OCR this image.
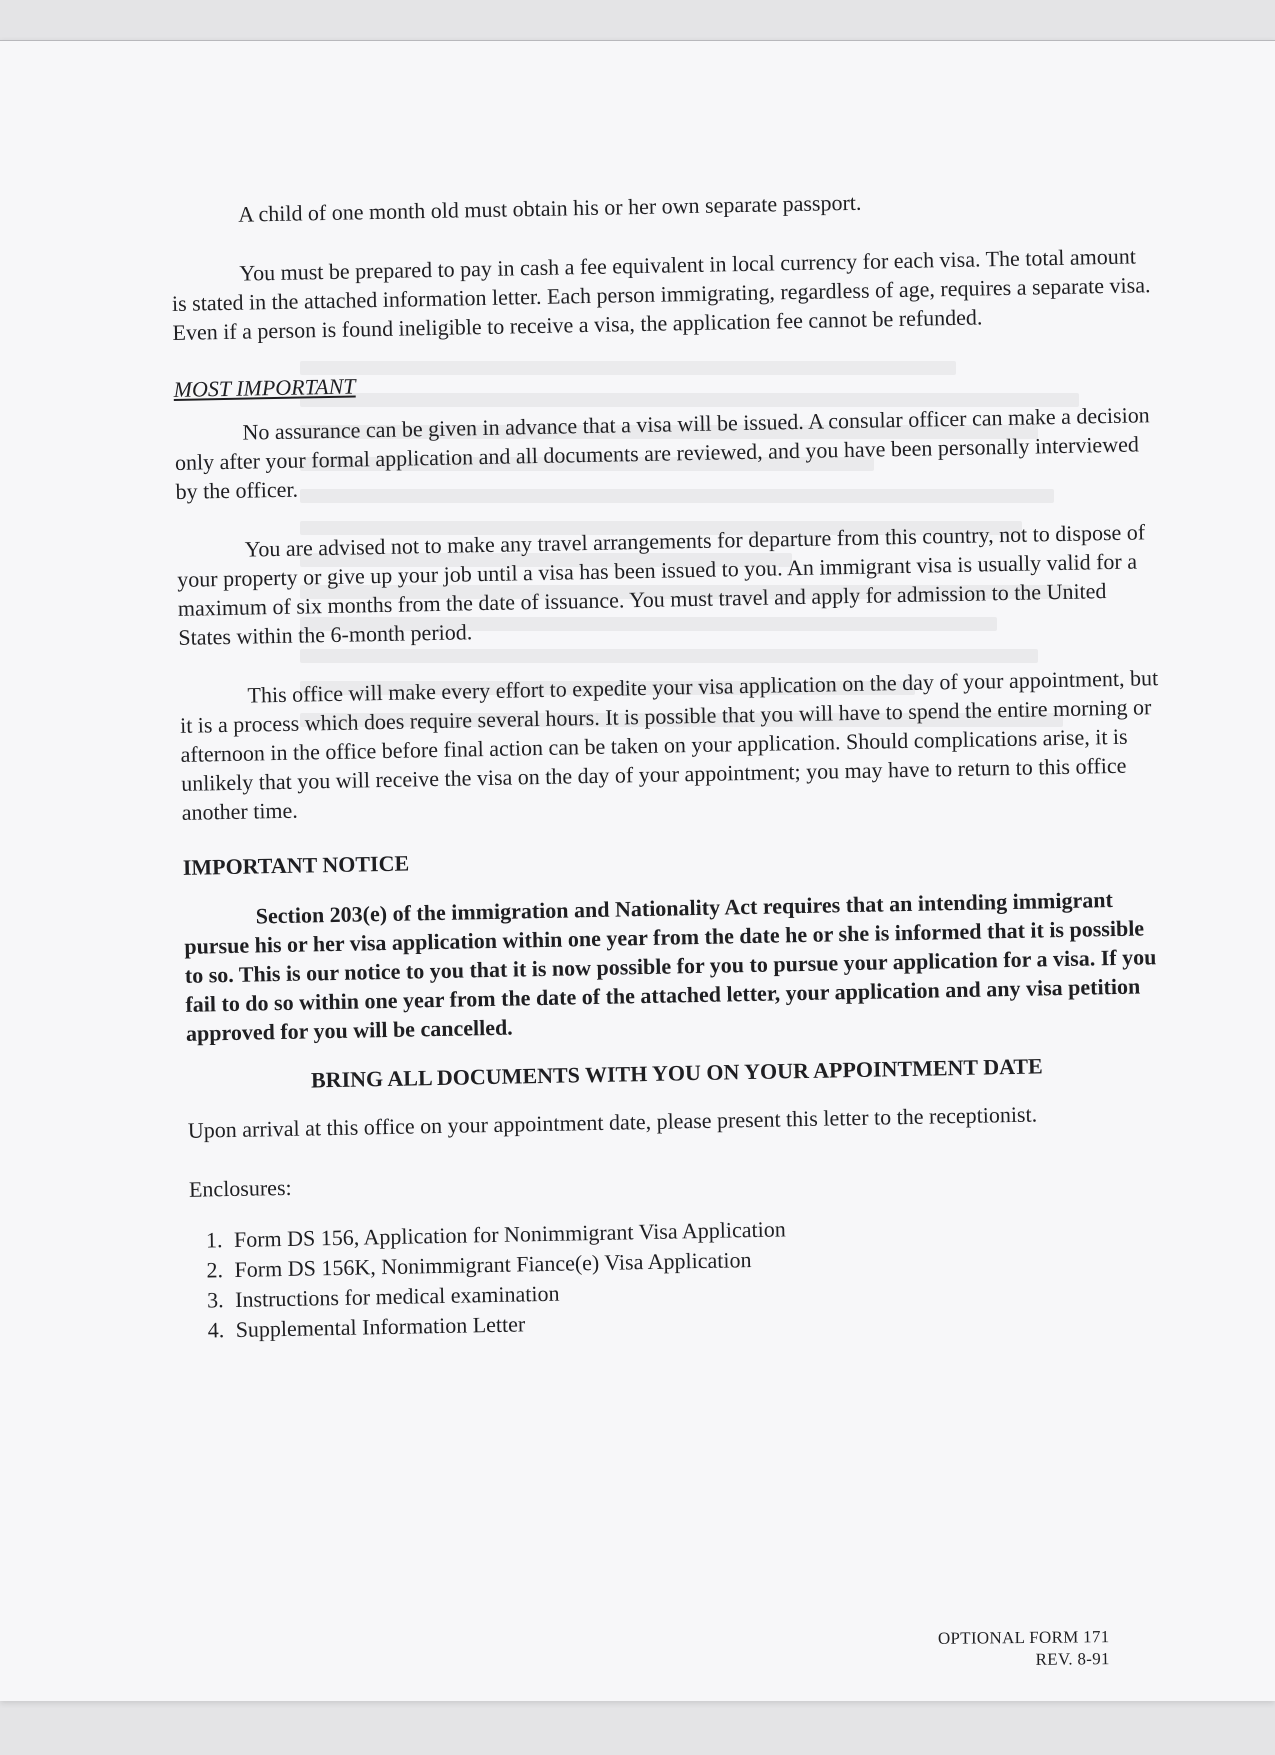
A child of one month old must obtain his or her own separate passport.

You must be prepared to pay in cash a fee equivalent in local currency for each visa. The total amount is stated in the attached information letter. Each person immigrating, regardless of age, requires a separate visa. Even if a person is found ineligible to receive a visa, the application fee cannot be refunded.

MOST IMPORTANT

No assurance can be given in advance that a visa will be issued. A consular officer can make a decision only after your formal application and all documents are reviewed, and you have been personally interviewed by the officer.

You are advised not to make any travel arrangements for departure from this country, not to dispose of your property or give up your job until a visa has been issued to you. An immigrant visa is usually valid for a maximum of six months from the date of issuance. You must travel and apply for admission to the United States within the 6-month period.

This office will make every effort to expedite your visa application on the day of your appointment, but it is a process which does require several hours. It is possible that you will have to spend the entire morning or afternoon in the office before final action can be taken on your application. Should complications arise, it is unlikely that you will receive the visa on the day of your appointment; you may have to return to this office another time.

IMPORTANT NOTICE

Section 203(e) of the immigration and Nationality Act requires that an intending immigrant pursue his or her visa application within one year from the date he or she is informed that it is possible to so. This is our notice to you that it is now possible for you to pursue your application for a visa. If you fail to do so within one year from the date of the attached letter, your application and any visa petition approved for you will be cancelled.

BRING ALL DOCUMENTS WITH YOU ON YOUR APPOINTMENT DATE

Upon arrival at this office on your appointment date, please present this letter to the receptionist.

Enclosures:

1. Form DS 156, Application for Nonimmigrant Visa Application
2. Form DS 156K, Nonimmigrant Fiance(e) Visa Application
3. Instructions for medical examination
4. Supplemental Information Letter
OPTIONAL FORM 171
REV. 8-91
